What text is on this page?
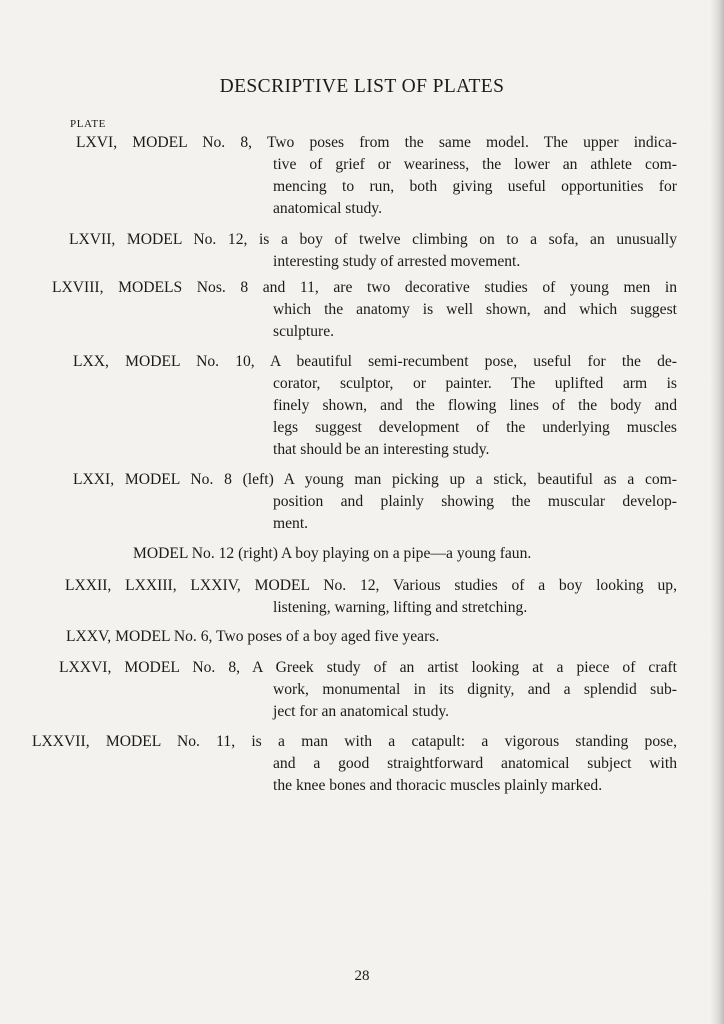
DESCRIPTIVE LIST OF PLATES
PLATE
LXVI, MODEL No. 8, Two poses from the same model. The upper indica-
tive of grief or weariness, the lower an athlete com-
mencing to run, both giving useful opportunities for
anatomical study.
LXVII, MODEL No. 12, is a boy of twelve climbing on to a sofa, an unusually
interesting study of arrested movement.
LXVIII, MODELS Nos. 8 and 11, are two decorative studies of young men in
which the anatomy is well shown, and which suggest
sculpture.
LXX, MODEL No. 10, A beautiful semi-recumbent pose, useful for the de-
corator, sculptor, or painter. The uplifted arm is
finely shown, and the flowing lines of the body and
legs suggest development of the underlying muscles
that should be an interesting study.
LXXI, MODEL No. 8 (left) A young man picking up a stick, beautiful as a com-
position and plainly showing the muscular develop-
ment.
MODEL No. 12 (right) A boy playing on a pipe—a young faun.
LXXII, LXXIII, LXXIV, MODEL No. 12, Various studies of a boy looking up,
listening, warning, lifting and stretching.
LXXV, MODEL No. 6, Two poses of a boy aged five years.
LXXVI, MODEL No. 8, A Greek study of an artist looking at a piece of craft
work, monumental in its dignity, and a splendid sub-
ject for an anatomical study.
LXXVII, MODEL No. 11, is a man with a catapult: a vigorous standing pose,
and a good straightforward anatomical subject with
the knee bones and thoracic muscles plainly marked.
28
